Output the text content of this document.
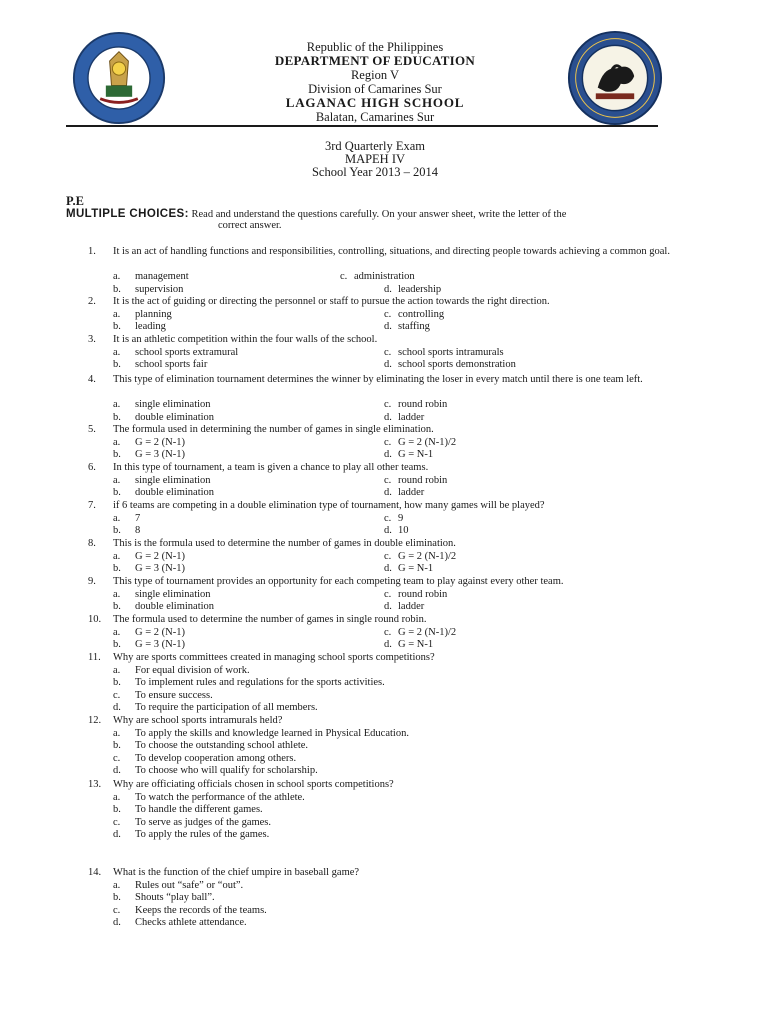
Republic of the Philippines
DEPARTMENT OF EDUCATION
Region V
Division of Camarines Sur
LAGANAC HIGH SCHOOL
Balatan, Camarines Sur
3rd Quarterly Exam
MAPEH IV
School Year 2013 – 2014
P.E
MULTIPLE CHOICES: Read and understand the questions carefully. On your answer sheet, write the letter of the
correct answer.
1.	It is an act of handling functions and responsibilities, controlling, situations, and directing people towards achieving a common goal.
a. management	c. administration
b. supervision	d. leadership
2.	It is the act of guiding or directing the personnel or staff to pursue the action towards the right direction.
a. planning	c. controlling
b. leading	d. staffing
3.	It is an athletic competition within the four walls of the school.
a. school sports extramural	c. school sports intramurals
b. school sports fair	d. school sports demonstration
4.	This type of elimination tournament determines the winner by eliminating the loser in every match until there is one team left.
a. single elimination	c. round robin
b. double elimination	d. ladder
5.	The formula used in determining the number of games in single elimination.
a. G = 2 (N-1)	c. G = 2 (N-1)/2
b. G = 3 (N-1)	d. G = N-1
6.	In this type of tournament, a team is given a chance to play all other teams.
a. single elimination	c. round robin
b. double elimination	d. ladder
7.	if 6 teams are competing in a double elimination type of tournament, how many games will be played?
a. 7	c. 9
b. 8	d. 10
8.	This is the formula used to determine the number of games in double elimination.
a. G = 2 (N-1)	c. G = 2 (N-1)/2
b. G = 3 (N-1)	d. G = N-1
9.	This type of tournament provides an opportunity for each competing team to play against every other team.
a. single elimination	c. round robin
b. double elimination	d. ladder
10.	The formula used to determine the number of games in single round robin.
a. G = 2 (N-1)	c. G = 2 (N-1)/2
b. G = 3 (N-1)	d. G = N-1
11.	Why are sports committees created in managing school sports competitions?
a. For equal division of work.
b. To implement rules and regulations for the sports activities.
c. To ensure success.
d. To require the participation of all members.
12.	Why are school sports intramurals held?
a. To apply the skills and knowledge learned in Physical Education.
b. To choose the outstanding school athlete.
c. To develop cooperation among others.
d. To choose who will qualify for scholarship.
13.	Why are officiating officials chosen in school sports competitions?
a. To watch the performance of the athlete.
b. To handle the different games.
c. To serve as judges of the games.
d. To apply the rules of the games.
14.	What is the function of the chief umpire in baseball game?
a. Rules out “safe” or “out”.
b. Shouts “play ball”.
c. Keeps the records of the teams.
d. Checks athlete attendance.
